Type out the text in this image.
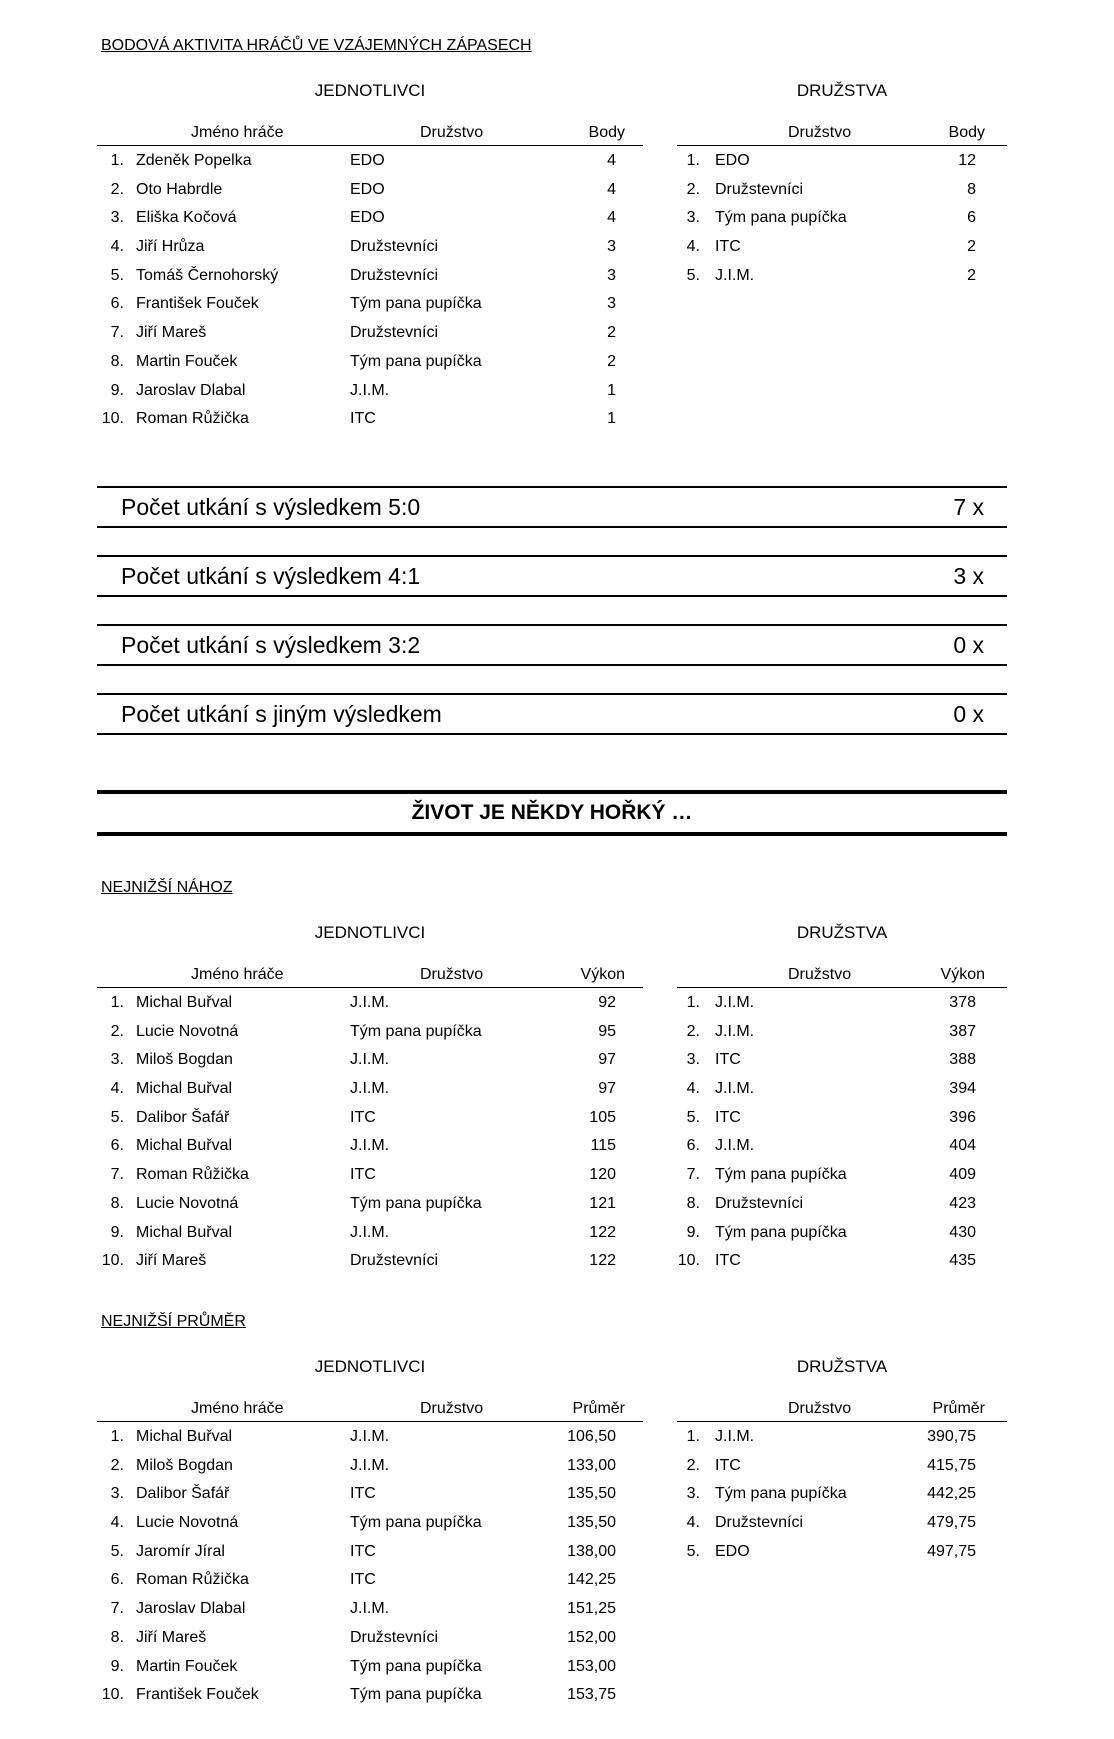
BODOVÁ AKTIVITA HRÁČŮ VE VZÁJEMNÝCH ZÁPASECH
JEDNOTLIVCI	DRUŽSTVA
Jméno hráče	Družstvo	Body
1. Zdeněk Popelka	EDO	4
2. Oto Habrdle	EDO	4
3. Eliška Kočová	EDO	4
4. Jiří Hrůza	Družstevníci	3
5. Tomáš Černohorský	Družstevníci	3
6. František Fouček	Tým pana pupíčka	3
7. Jiří Mareš	Družstevníci	2
8. Martin Fouček	Tým pana pupíčka	2
9. Jaroslav Dlabal	J.I.M.	1
10. Roman Růžička	ITC	1
Družstvo	Body
1. EDO	12
2. Družstevníci	8
3. Tým pana pupíčka	6
4. ITC	2
5. J.I.M.	2
Počet utkání s výsledkem 5:0	7 x
Počet utkání s výsledkem 4:1	3 x
Počet utkání s výsledkem 3:2	0 x
Počet utkání s jiným výsledkem	0 x
ŽIVOT JE NĚKDY HOŘKÝ …
NEJNIŽŠÍ NÁHOZ
JEDNOTLIVCI	DRUŽSTVA
Jméno hráče	Družstvo	Výkon
1. Michal Buřval	J.I.M.	92
2. Lucie Novotná	Tým pana pupíčka	95
3. Miloš Bogdan	J.I.M.	97
4. Michal Buřval	J.I.M.	97
5. Dalibor Šafář	ITC	105
6. Michal Buřval	J.I.M.	115
7. Roman Růžička	ITC	120
8. Lucie Novotná	Tým pana pupíčka	121
9. Michal Buřval	J.I.M.	122
10. Jiří Mareš	Družstevníci	122
Družstvo	Výkon
1. J.I.M.	378
2. J.I.M.	387
3. ITC	388
4. J.I.M.	394
5. ITC	396
6. J.I.M.	404
7. Tým pana pupíčka	409
8. Družstevníci	423
9. Tým pana pupíčka	430
10. ITC	435
NEJNIŽŠÍ PRŮMĚR
JEDNOTLIVCI	DRUŽSTVA
Jméno hráče	Družstvo	Průměr
1. Michal Buřval	J.I.M.	106,50
2. Miloš Bogdan	J.I.M.	133,00
3. Dalibor Šafář	ITC	135,50
4. Lucie Novotná	Tým pana pupíčka	135,50
5. Jaromír Jíral	ITC	138,00
6. Roman Růžička	ITC	142,25
7. Jaroslav Dlabal	J.I.M.	151,25
8. Jiří Mareš	Družstevníci	152,00
9. Martin Fouček	Tým pana pupíčka	153,00
10. František Fouček	Tým pana pupíčka	153,75
Družstvo	Průměr
1. J.I.M.	390,75
2. ITC	415,75
3. Tým pana pupíčka	442,25
4. Družstevníci	479,75
5. EDO	497,75
